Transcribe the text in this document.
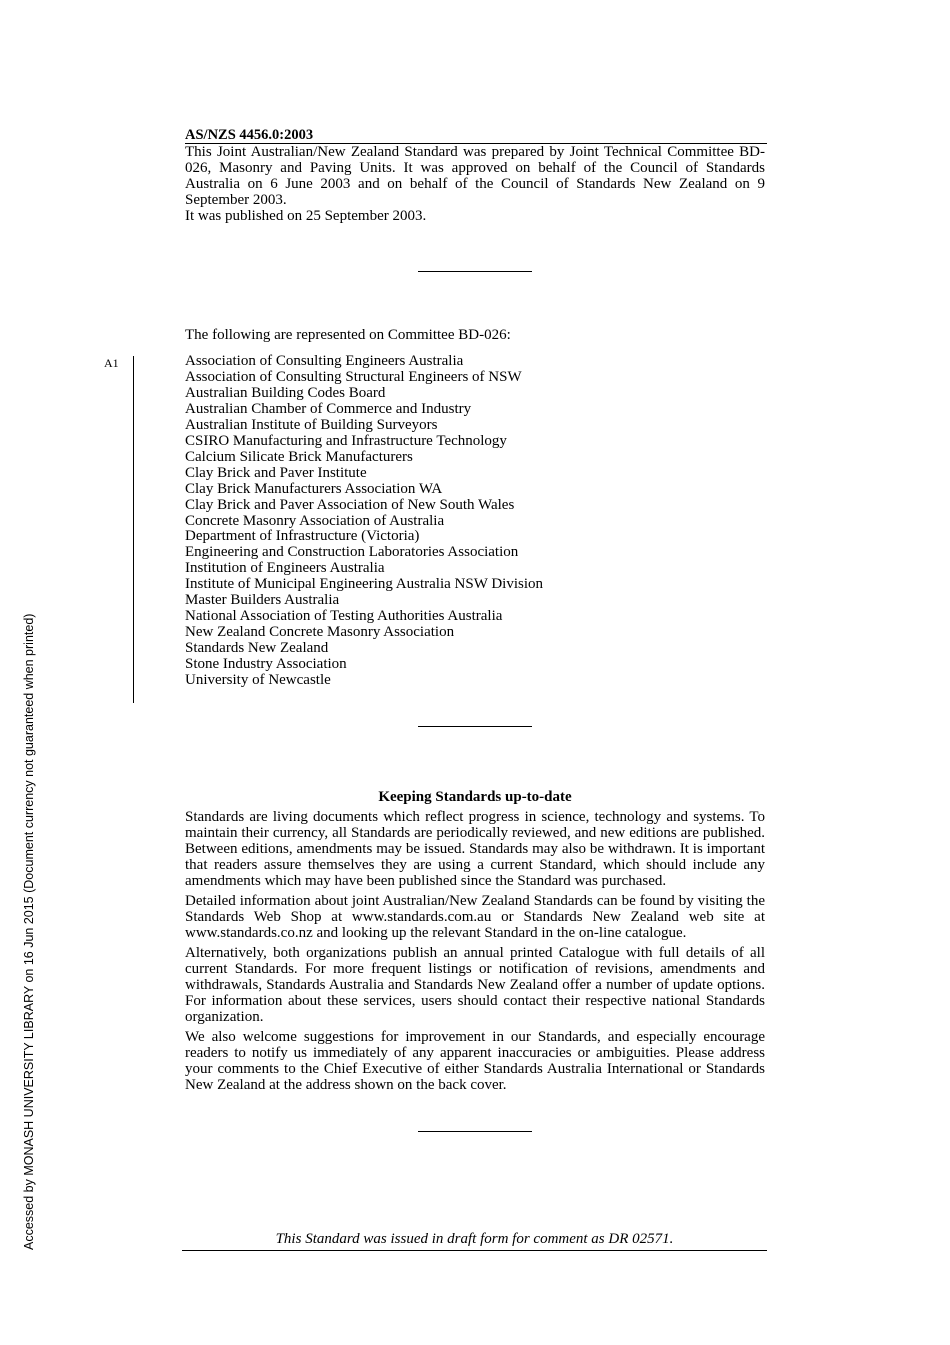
Accessed by MONASH UNIVERSITY LIBRARY on 16 Jun 2015 (Document currency not guaranteed when printed)
A1
AS/NZS 4456.0:2003

This Joint Australian/New Zealand Standard was prepared by Joint Technical Committee BD-026, Masonry and Paving Units. It was approved on behalf of the Council of Standards Australia on 6 June 2003 and on behalf of the Council of Standards New Zealand on 9 September 2003.

It was published on 25 September 2003.

The following are represented on Committee BD-026:

Association of Consulting Engineers Australia
Association of Consulting Structural Engineers of NSW
Australian Building Codes Board
Australian Chamber of Commerce and Industry
Australian Institute of Building Surveyors
CSIRO Manufacturing and Infrastructure Technology
Calcium Silicate Brick Manufacturers
Clay Brick and Paver Institute
Clay Brick Manufacturers Association WA
Clay Brick and Paver Association of New South Wales
Concrete Masonry Association of Australia
Department of Infrastructure (Victoria)
Engineering and Construction Laboratories Association
Institution of Engineers Australia
Institute of Municipal Engineering Australia NSW Division
Master Builders Australia
National Association of Testing Authorities Australia
New Zealand Concrete Masonry Association
Standards New Zealand
Stone Industry Association
University of Newcastle
Keeping Standards up-to-date

Standards are living documents which reflect progress in science, technology and systems. To maintain their currency, all Standards are periodically reviewed, and new editions are published. Between editions, amendments may be issued. Standards may also be withdrawn. It is important that readers assure themselves they are using a current Standard, which should include any amendments which may have been published since the Standard was purchased.

Detailed information about joint Australian/New Zealand Standards can be found by visiting the Standards Web Shop at www.standards.com.au or Standards New Zealand web site at www.standards.co.nz and looking up the relevant Standard in the on-line catalogue.

Alternatively, both organizations publish an annual printed Catalogue with full details of all current Standards. For more frequent listings or notification of revisions, amendments and withdrawals, Standards Australia and Standards New Zealand offer a number of update options. For information about these services, users should contact their respective national Standards organization.

We also welcome suggestions for improvement in our Standards, and especially encourage readers to notify us immediately of any apparent inaccuracies or ambiguities. Please address your comments to the Chief Executive of either Standards Australia International or Standards New Zealand at the address shown on the back cover.

This Standard was issued in draft form for comment as DR 02571.
